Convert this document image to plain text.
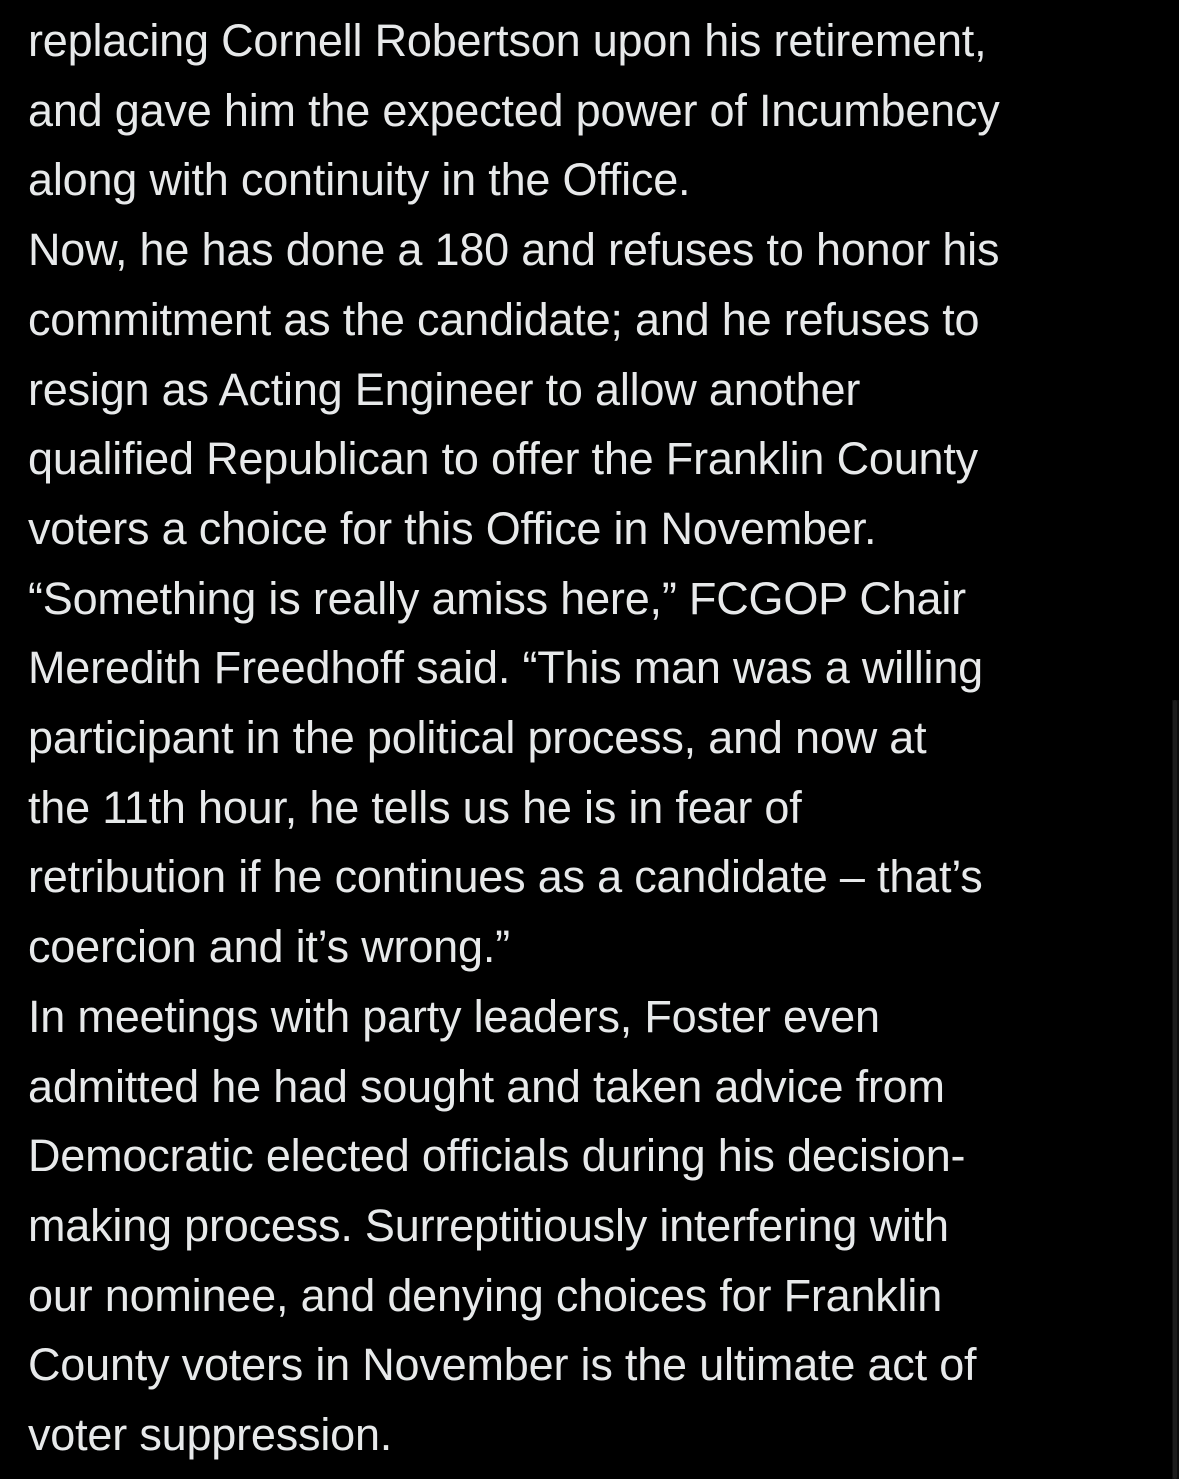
replacing Cornell Robertson upon his retirement,
and gave him the expected power of Incumbency
along with continuity in the Office.
Now, he has done a 180 and refuses to honor his
commitment as the candidate; and he refuses to
resign as Acting Engineer to allow another
qualified Republican to offer the Franklin County
voters a choice for this Office in November.
“Something is really amiss here,” FCGOP Chair
Meredith Freedhoff said. “This man was a willing
participant in the political process, and now at
the 11th hour, he tells us he is in fear of
retribution if he continues as a candidate – that’s
coercion and it’s wrong.”
In meetings with party leaders, Foster even
admitted he had sought and taken advice from
Democratic elected officials during his decision-
making process. Surreptitiously interfering with
our nominee, and denying choices for Franklin
County voters in November is the ultimate act of
voter suppression.
